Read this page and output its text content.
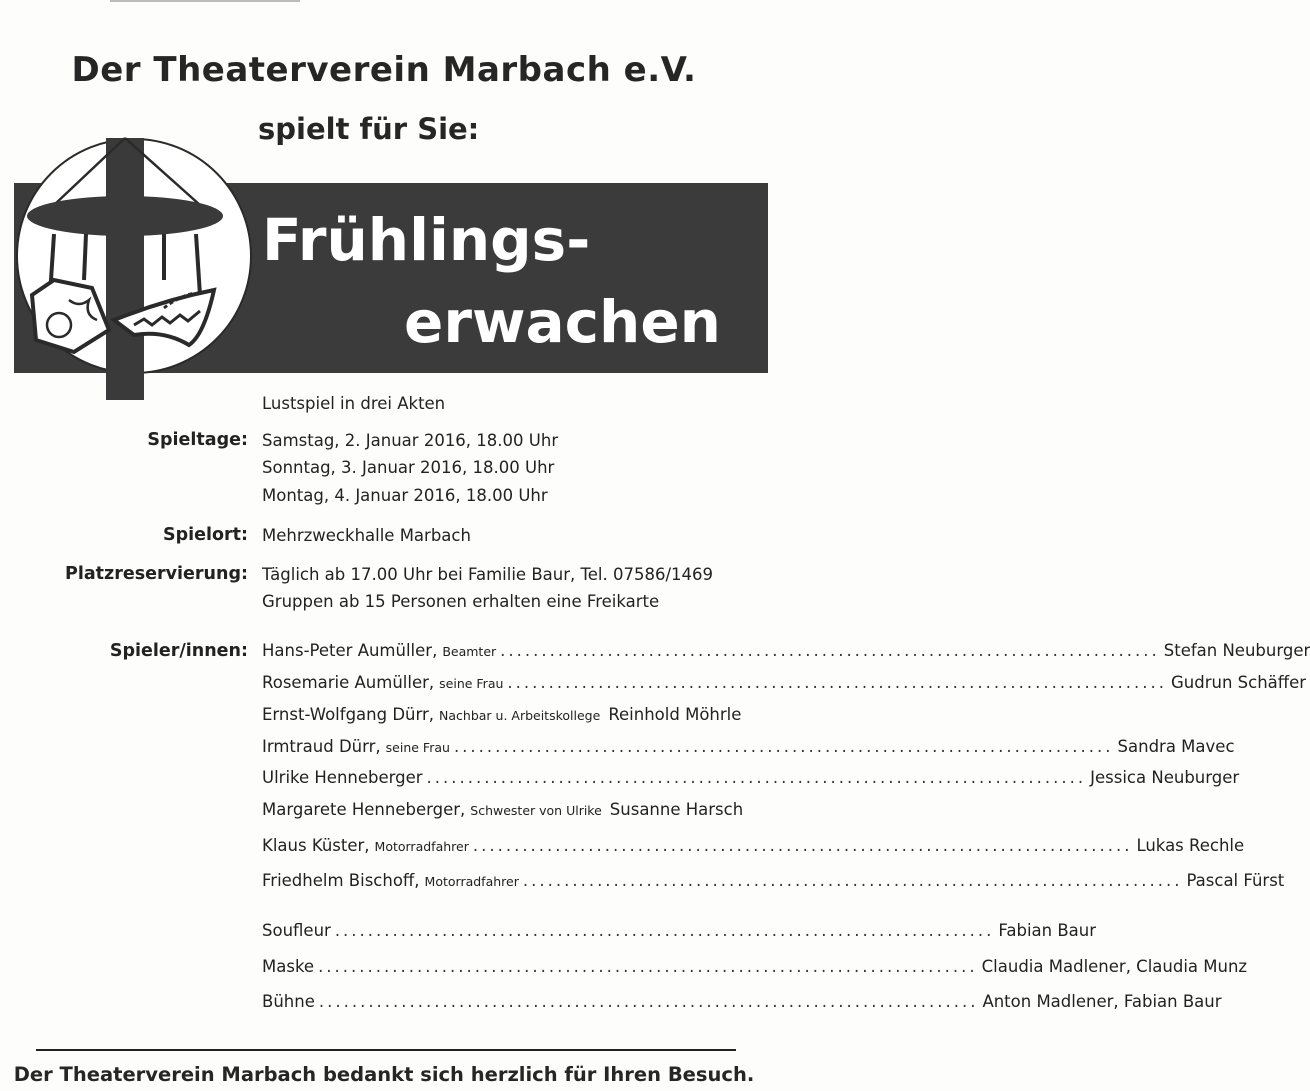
Der Theaterverein Marbach e.V.
spielt für Sie:
Frühlings-
erwachen
Lustspiel in drei Akten
Spieltage: Samstag, 2. Januar 2016, 18.00 Uhr
Sonntag, 3. Januar 2016, 18.00 Uhr
Montag, 4. Januar 2016, 18.00 Uhr
Spielort: Mehrzweckhalle Marbach
Platzreservierung: Täglich ab 17.00 Uhr bei Familie Baur, Tel. 07586/1469
Gruppen ab 15 Personen erhalten eine Freikarte
Spieler/innen: Hans-Peter Aumüller, Beamter ................................................................................ Stefan Neuburger
Rosemarie Aumüller, seine Frau ................................................................................ Gudrun Schäffer
Ernst-Wolfgang Dürr, Nachbar u. Arbeitskollege Reinhold Möhrle
Irmtraud Dürr, seine Frau ................................................................................ Sandra Mavec
Ulrike Henneberger ................................................................................ Jessica Neuburger
Margarete Henneberger, Schwester von Ulrike Susanne Harsch
Klaus Küster, Motorradfahrer ................................................................................ Lukas Rechle
Friedhelm Bischoff, Motorradfahrer ................................................................................ Pascal Fürst
Soufleur ................................................................................ Fabian Baur
Maske ................................................................................ Claudia Madlener, Claudia Munz
Bühne ................................................................................ Anton Madlener, Fabian Baur
Der Theaterverein Marbach bedankt sich herzlich für Ihren Besuch.
